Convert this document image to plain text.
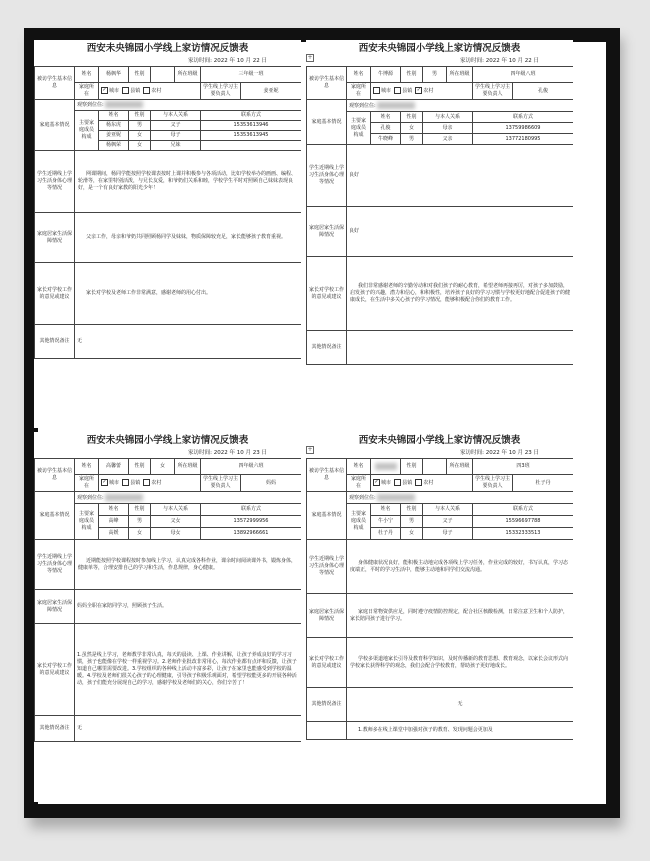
西安未央锦园小学线上家访情况反馈表
家访时间: 2022 年 10 月 22 日
被访学生基本信息	姓名	杨枫华	性别		所在班级	三年级一班	
	家庭所在	✓ 城市 县镇 农村				学生线上学习主要负责人	姜亚妮
家庭基本情况	观察到位住:						
	主要家庭成员构成	姓名	性别	与本人关系		联系方式	
		杨东虎	男	父子		15353613946	
		姜亚妮	女	母子		15353613945	
		杨枫荣	女	兄妹			
学生近期线上学习生活身体心理等情况	网课期间，杨同学能按照学校课表按时上课并积极参与各项活动，比如学校举办的画画、编程、轮滑等，在家里特别活泼，与兄长友爱，和爷奶们关系和睦，学校学生平时对照顾自己妹妹表现良好，是一个有良好家教的阳光少年！						
家庭居家生活保障情况	父亲工作，母亲和爷奶共同照顾杨同学及妹妹，物质保障较充足，家长能够孩子教育重视。						
家长对学校工作的意见或建议	家长对学校及老师工作非常满意，感谢老师的用心付出。						
其他情况备注	无						
+
西安未央锦园小学线上家访情况反馈表
家访时间: 2022 年 10 月 22 日
被访学生基本信息	姓名	牛博源	性别	男	所在班级	四年级八班	
	家庭所在	城市 县镇 ✓ 农村				学生线上学习主要负责人	孔俊
家庭基本情况	观察到位住:						
	主要家庭成员构成	姓名	性别	与本人关系		联系方式	
		孔俊	女	母亲		13759986609	
		牛晓峰	男	父亲		13772180995	
学生近期线上学习生活身体心理等情况	良好						
家庭居家生活保障情况	良好						
家长对学校工作的意见或建议	我们非常感谢老师的辛勤劳动和对我们孩子的耐心教育，希望老师再接再厉，对孩子多加鼓励，启发孩子的兴趣，潜力和信心，和积极性，培养孩子良好的学习习惯与学校更好地配合促进孩子的健康成长，在生活中多关心孩子的学习情况，能够积极配合你们的教育工作。						
其他情况备注							
西安未央锦园小学线上家访情况反馈表
家访时间: 2022 年 10 月 23 日
被访学生基本信息	姓名	高馨蕾	性别	女	所在班级	四年级六班	
	家庭所在	✓ 城市 县镇 农村				学生线上学习主要负责人	妈妈
家庭基本情况	观察到位住:						
	主要家庭成员构成	姓名	性别	与本人关系		联系方式	
		高峰	男	父女		13572999956	
		高媛	女	母女		13892966661	
学生近期线上学习生活身体心理等情况	近期能按照学校课程按时参加线上学习，认真完成各科作业，课余时间阅读课外书，锻炼身体，健康单等，合理安排自己的学习和生活，作息规律，身心健康。						
家庭居家生活保障情况	妈妈全职在家陪同学习，照顾孩子生活。						
家长对学校工作的意见或建议	1.虽然是线上学习，老师教学非常认真，每天的晨读、上课、作业讲解，让孩子养成良好的学习习惯，孩子也能像在学校一样重视学习。2.老师作业批改非常用心，每次作业都有点评和反馈，让孩子知道自己哪里需要改进。3.学校组织的各种线上活动丰富多彩，让孩子在家里也能感受到学校的温暖。4.学校及老师们很关心孩子的心理健康，引导孩子积极乐观面对，希望学校能更多的开展各种活动，孩子们能充分展现自己的学习，感谢学校及老师们的关心，你们辛苦了！						
其他情况备注	无						
+
西安未央锦园小学线上家访情况反馈表
家访时间: 2022 年 10 月 23 日
被访学生基本信息	姓名		性别		所在班级	四3班	
	家庭所在	✓ 城市 县镇 农村				学生线上学习主要负责人	杜子丹
家庭基本情况	观察到位住:						
	主要家庭成员构成	姓名	性别	与本人关系		联系方式	
		牛小宁	男	父子		15596697788	
		杜子丹	女	母子		15332333513	
学生近期线上学习生活身体心理等情况	身体健康状况良好，能积极主动地完成各项线上学习任务，作业完成的较好，书写认真，学习态度端正，平时的学习生活中，能够主动地和同学们交流沟通。						
家庭居家生活保障情况	家庭日常物资供应足，同时遵守疫情防控规定，配合社区核酸检测，日常注意卫生和个人防护，家长陪同孩子进行学习。						
家长对学校工作的意见或建议	学校多渠道地家长引导及教育科学知识，及时传播新的教育思想、教育观念，以家长会议形式向学校家长获得科学的观念，我们会配合学校教育，帮助孩子更好地成长。						
其他情况备注	无						
	1.教师多在线上课堂中加强对孩子的教育、发现问题会更加及						
